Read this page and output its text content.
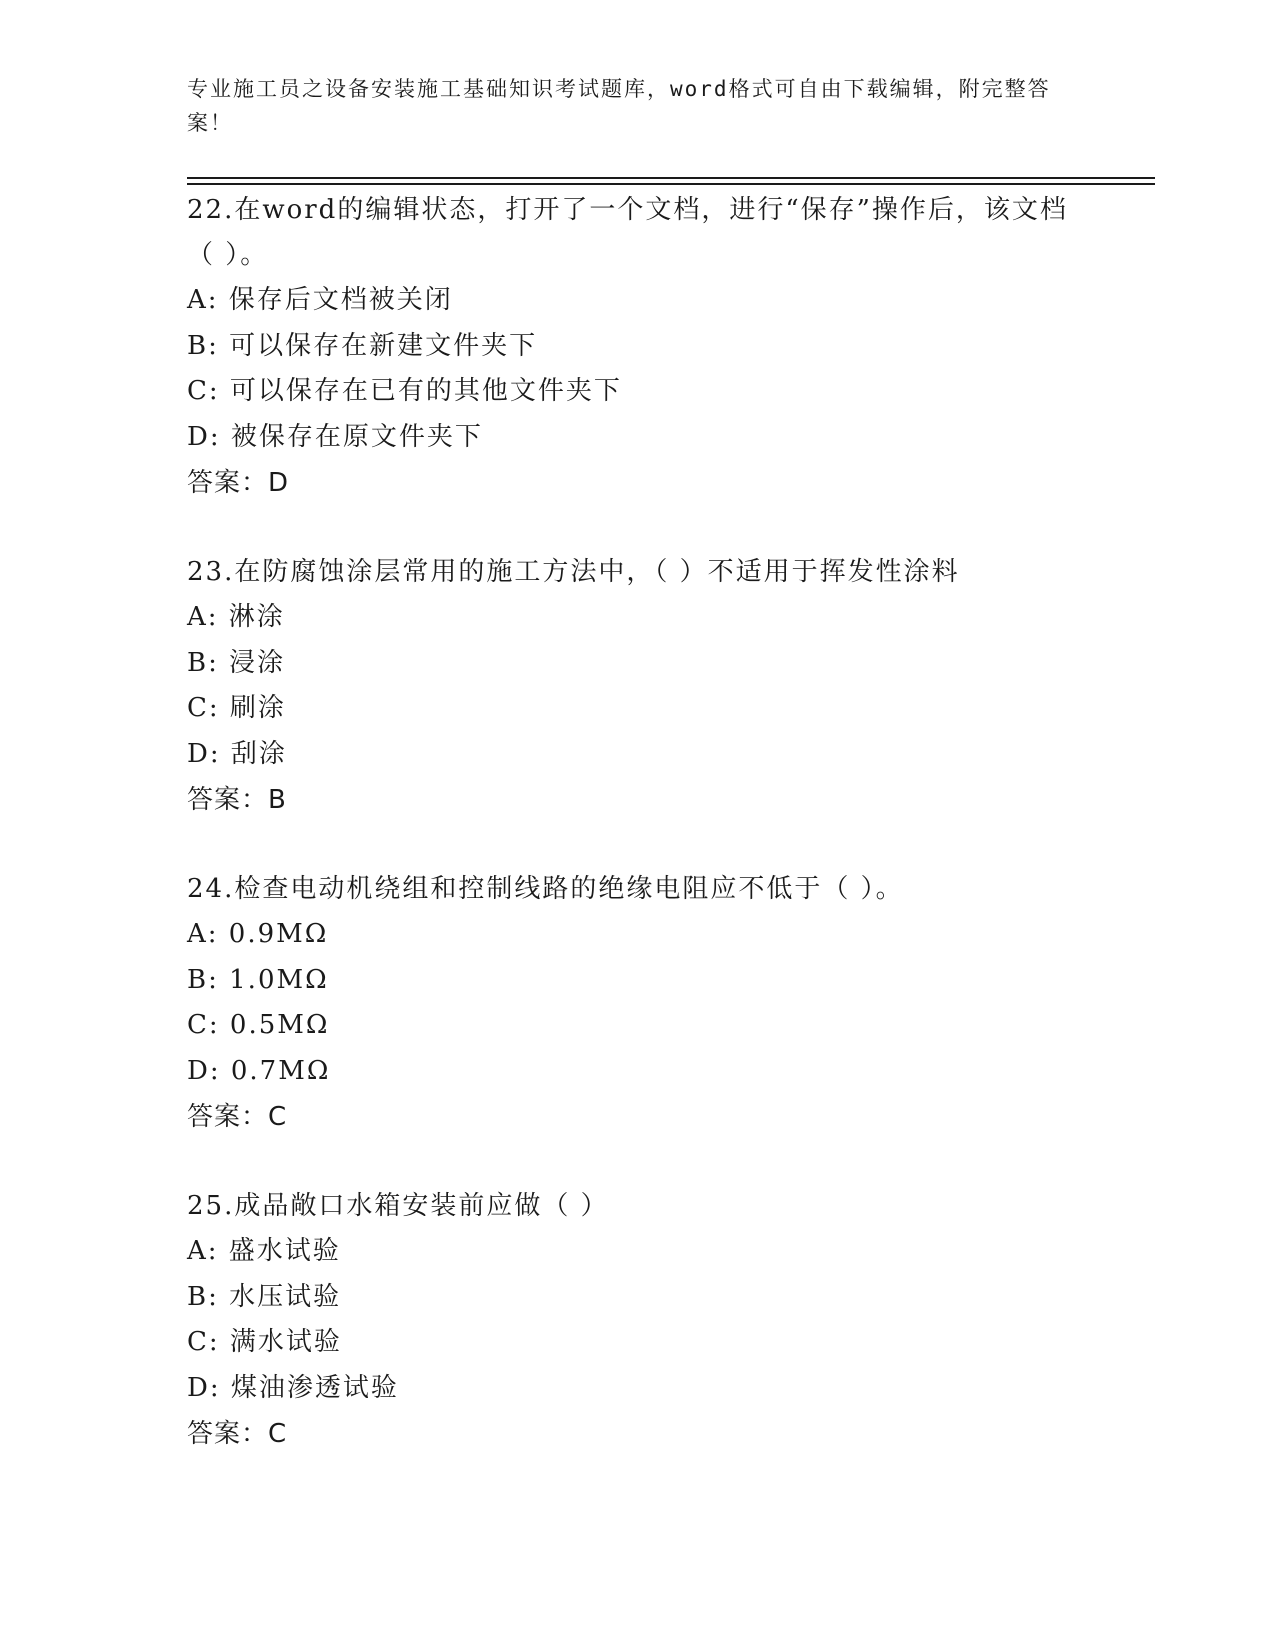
专业施工员之设备安装施工基础知识考试题库，word格式可自由下载编辑，附完整答案！
22.在word的编辑状态，打开了一个文档，进行“保存”操作后，该文档（ ）。
A: 保存后文档被关闭
B: 可以保存在新建文件夹下
C: 可以保存在已有的其他文件夹下
D: 被保存在原文件夹下
答案：D
23.在防腐蚀涂层常用的施工方法中，（ ）不适用于挥发性涂料
A: 淋涂
B: 浸涂
C: 刷涂
D: 刮涂
答案：B
24.检查电动机绕组和控制线路的绝缘电阻应不低于（ ）。
A: 0.9MΩ
B: 1.0MΩ
C: 0.5MΩ
D: 0.7MΩ
答案：C
25.成品敞口水箱安装前应做（ ）
A: 盛水试验
B: 水压试验
C: 满水试验
D: 煤油渗透试验
答案：C
